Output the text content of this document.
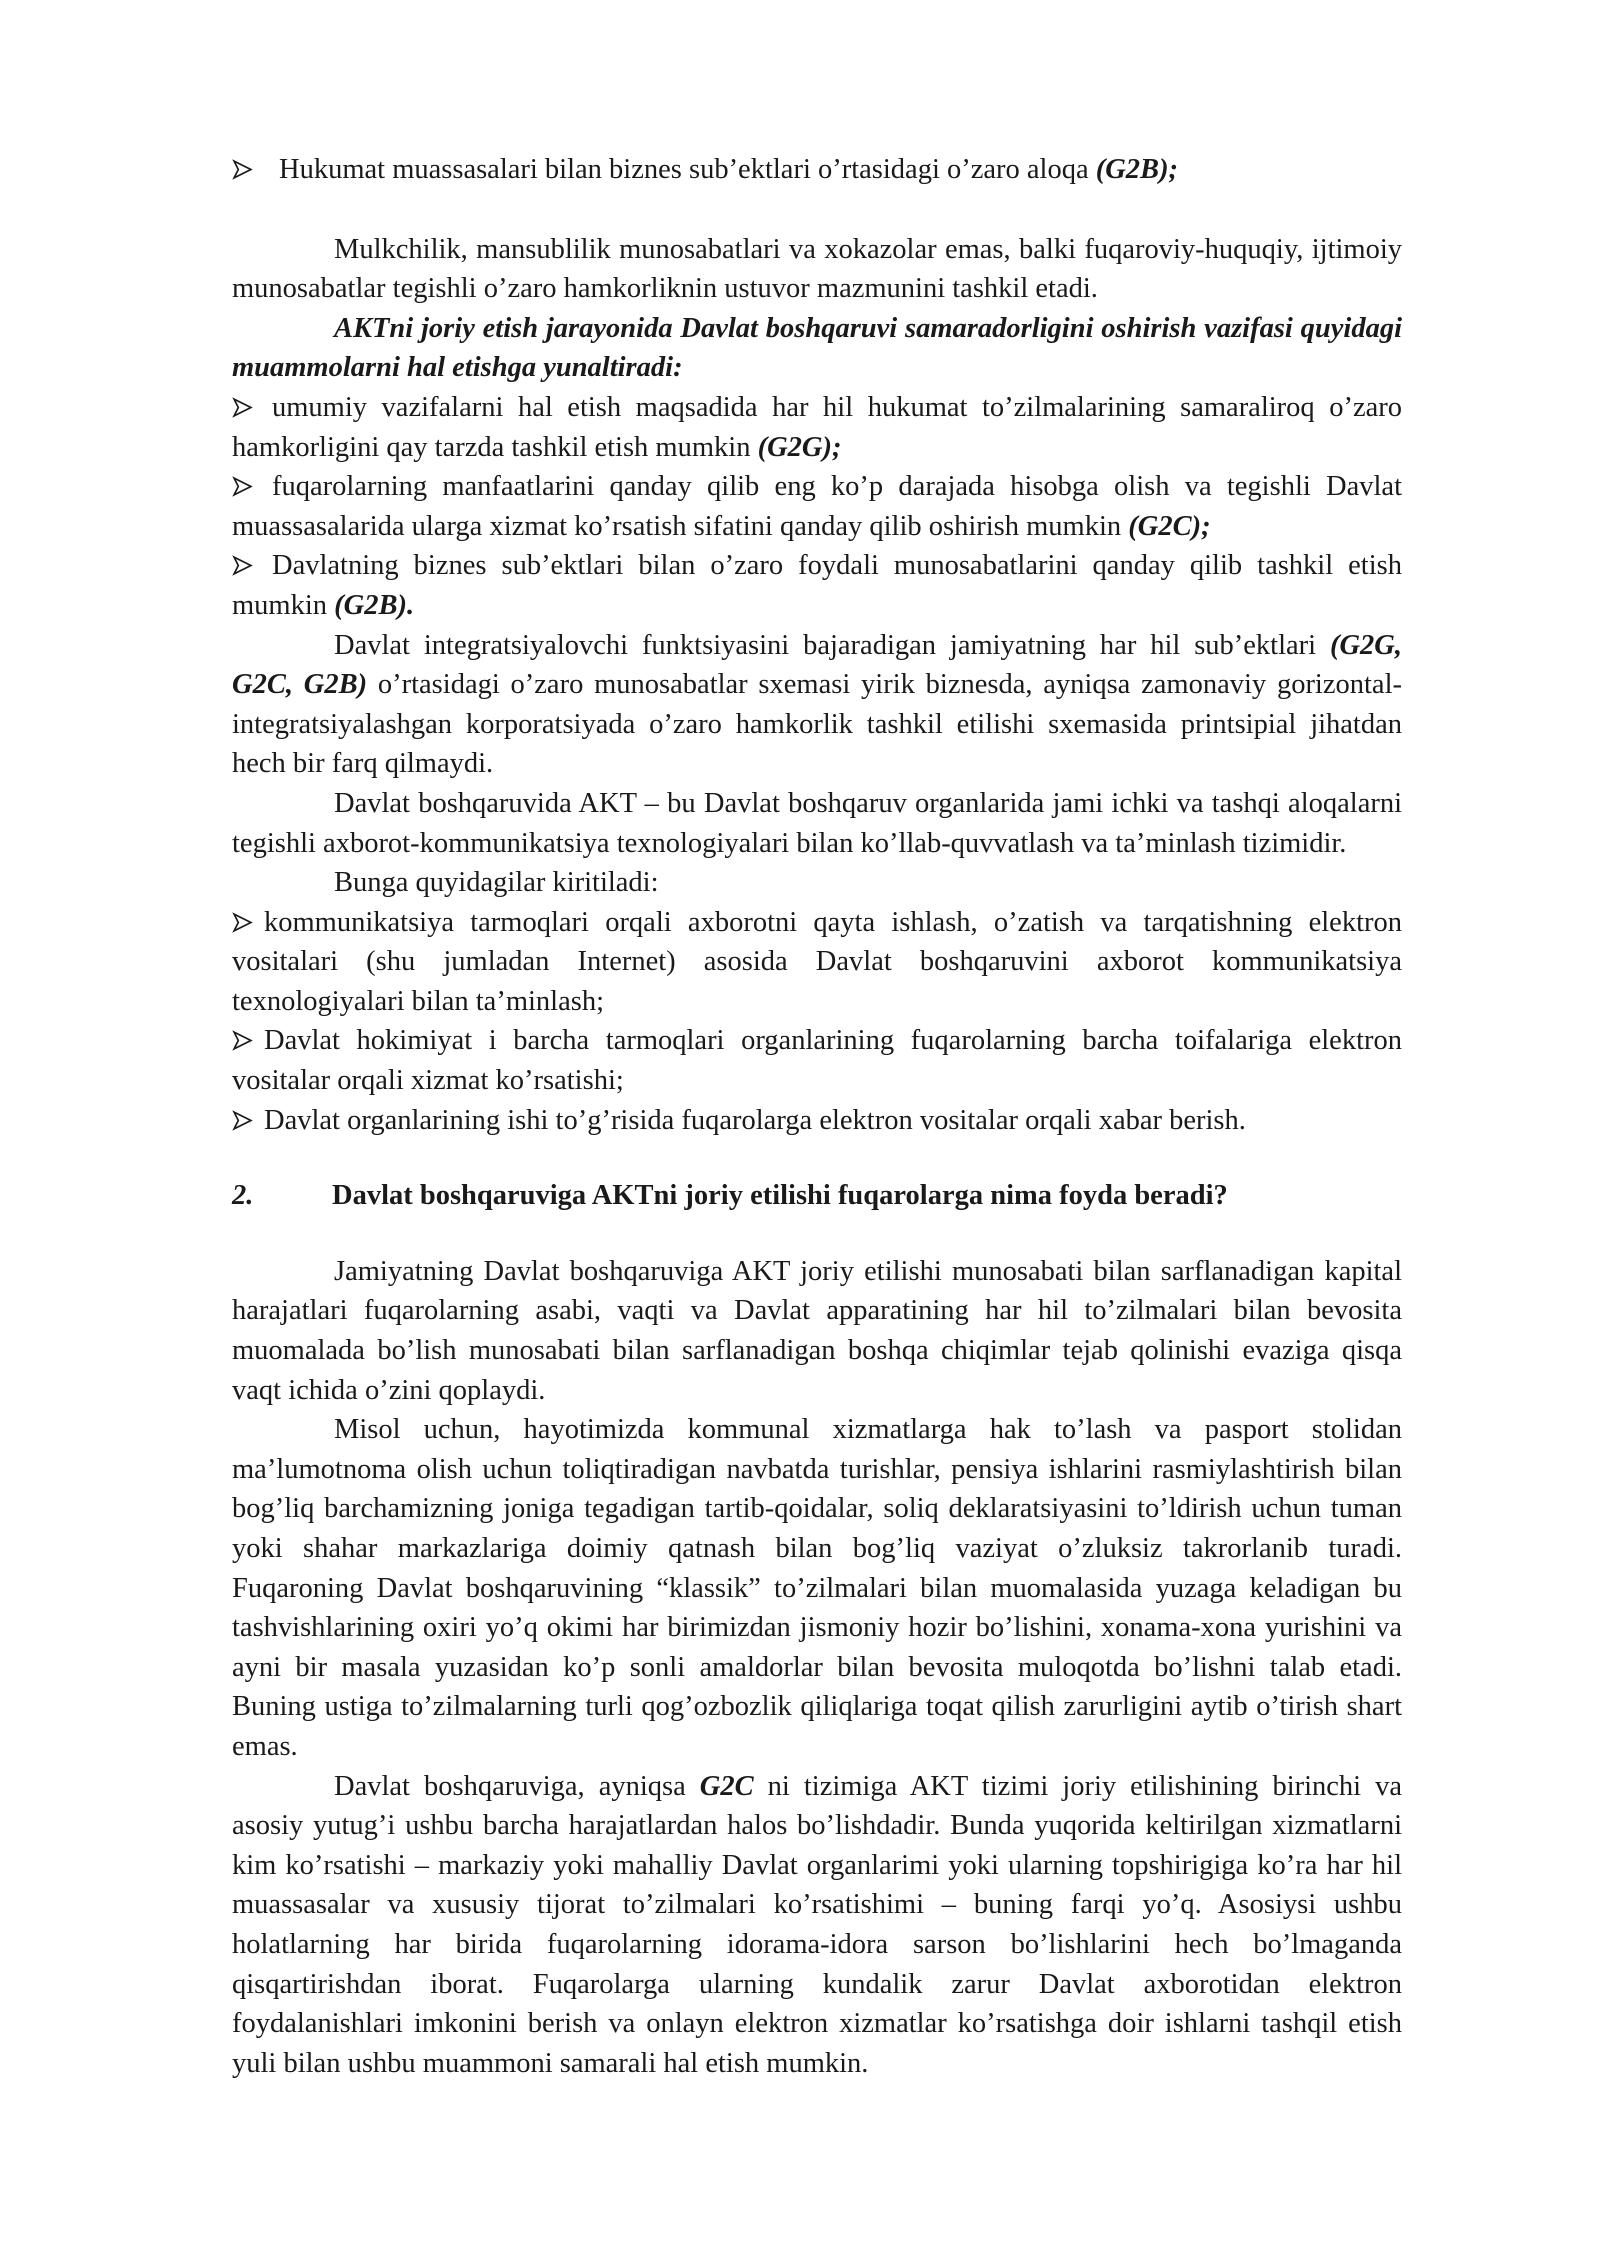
Hukumat muassasalari bilan biznes sub’ektlari o’rtasidagi o’zaro aloqa (G2B);

Mulkchilik, mansublilik munosabatlari va xokazolar emas, balki fuqaroviy-huquqiy, ijtimoiy munosabatlar tegishli o’zaro hamkorliknin ustuvor mazmunini tashkil etadi.

AKTni joriy etish jarayonida Davlat boshqaruvi samaradorligini oshirish vazifasi quyidagi muammolarni hal etishga yunaltiradi:

umumiy vazifalarni hal etish maqsadida har hil hukumat to’zilmalarining samaraliroq o’zaro hamkorligini qay tarzda tashkil etish mumkin (G2G);

fuqarolarning manfaatlarini qanday qilib eng ko’p darajada hisobga olish va tegishli Davlat muassasalarida ularga xizmat ko’rsatish sifatini qanday qilib oshirish mumkin (G2C);

Davlatning biznes sub’ektlari bilan o’zaro foydali munosabatlarini qanday qilib tashkil etish mumkin (G2B).

Davlat integratsiyalovchi funktsiyasini bajaradigan jamiyatning har hil sub’ektlari (G2G, G2C, G2B) o’rtasidagi o’zaro munosabatlar sxemasi yirik biznesda, ayniqsa zamonaviy gorizontal-integratsiyalashgan korporatsiyada o’zaro hamkorlik tashkil etilishi sxemasida printsipial jihatdan hech bir farq qilmaydi.

Davlat boshqaruvida AKT – bu Davlat boshqaruv organlarida jami ichki va tashqi aloqalarni tegishli axborot-kommunikatsiya texnologiyalari bilan ko’llab-quvvatlash va ta’minlash tizimidir.

Bunga quyidagilar kiritiladi:

kommunikatsiya tarmoqlari orqali axborotni qayta ishlash, o’zatish va tarqatishning elektron vositalari (shu jumladan Internet) asosida Davlat boshqaruvini axborot kommunikatsiya texnologiyalari bilan ta’minlash;

Davlat hokimiyat i barcha tarmoqlari organlarining fuqarolarning barcha toifalariga elektron vositalar orqali xizmat ko’rsatishi;

Davlat organlarining ishi to’g’risida fuqarolarga elektron vositalar orqali xabar berish.

2.	Davlat boshqaruviga AKTni joriy etilishi fuqarolarga nima foyda beradi?

Jamiyatning Davlat boshqaruviga AKT joriy etilishi munosabati bilan sarflanadigan kapital harajatlari fuqarolarning asabi, vaqti va Davlat apparatining har hil to’zilmalari bilan bevosita muomalada bo’lish munosabati bilan sarflanadigan boshqa chiqimlar tejab qolinishi evaziga qisqa vaqt ichida o’zini qoplaydi.

Misol uchun, hayotimizda kommunal xizmatlarga hak to’lash va pasport stolidan ma’lumotnoma olish uchun toliqtiradigan navbatda turishlar, pensiya ishlarini rasmiylashtirish bilan bog’liq barchamizning joniga tegadigan tartib-qoidalar, soliq deklaratsiyasini to’ldirish uchun tuman yoki shahar markazlariga doimiy qatnash bilan bog’liq vaziyat o’zluksiz takrorlanib turadi. Fuqaroning Davlat boshqaruvining “klassik” to’zilmalari bilan muomalasida yuzaga keladigan bu tashvishlarining oxiri yo’q okimi har birimizdan jismoniy hozir bo’lishini, xonama-xona yurishini va ayni bir masala yuzasidan ko’p sonli amaldorlar bilan bevosita muloqotda bo’lishni talab etadi. Buning ustiga to’zilmalarning turli qog’ozbozlik qiliqlariga toqat qilish zarurligini aytib o’tirish shart emas.

Davlat boshqaruviga, ayniqsa G2C ni tizimiga AKT tizimi joriy etilishining birinchi va asosiy yutug’i ushbu barcha harajatlardan halos bo’lishdadir. Bunda yuqorida keltirilgan xizmatlarni kim ko’rsatishi – markaziy yoki mahalliy Davlat organlarimi yoki ularning topshirigiga ko’ra har hil muassasalar va xususiy tijorat to’zilmalari ko’rsatishimi – buning farqi yo’q. Asosiysi ushbu holatlarning har birida fuqarolarning idorama-idora sarson bo’lishlarini hech bo’lmaganda qisqartirishdan iborat. Fuqarolarga ularning kundalik zarur Davlat axborotidan elektron foydalanishlari imkonini berish va onlayn elektron xizmatlar ko’rsatishga doir ishlarni tashqil etish yuli bilan ushbu muammoni samarali hal etish mumkin.
